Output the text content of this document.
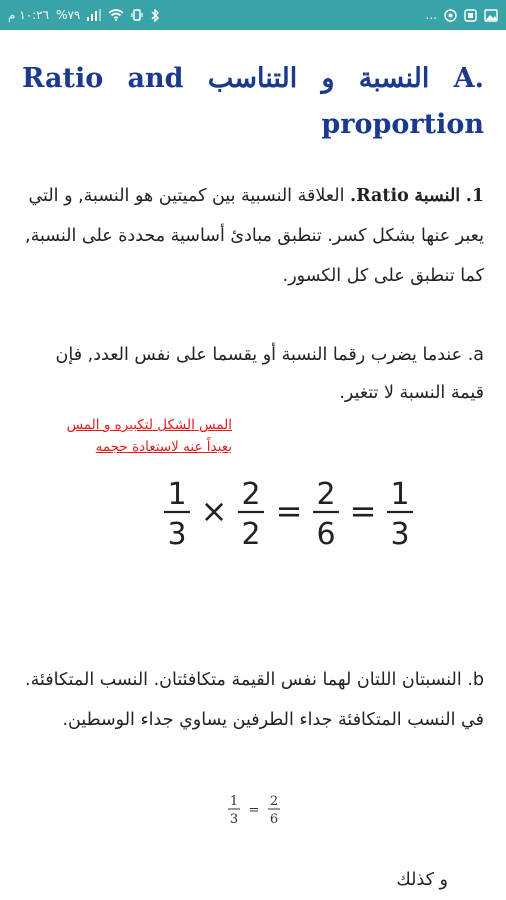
١٠:٢٦ م %٧٩	...
.A النسبة و التناسب Ratio and
proportion

1. النسبة Ratio. العلاقة النسبية بين كميتين هو النسبة, و التي يعبر عنها بشكل كسر. تنطبق مبادئ أساسية محددة على النسبة, كما تنطبق على كل الكسور.

a. عندما يضرب رقما النسبة أو يقسما على نفس العدد, فإن قيمة النسبة لا تتغير.

المس الشكل لتكبيره و المس
بعيداً عنه لاستعادة حجمه
1
3
× 2
2
= 2
6
= 1
3

b. النسبتان اللتان لهما نفس القيمة متكافئتان. النسب المتكافئة. في النسب المتكافئة جداء الطرفين يساوي جداء الوسطين.

1
3
=
2
6

و كذلك
